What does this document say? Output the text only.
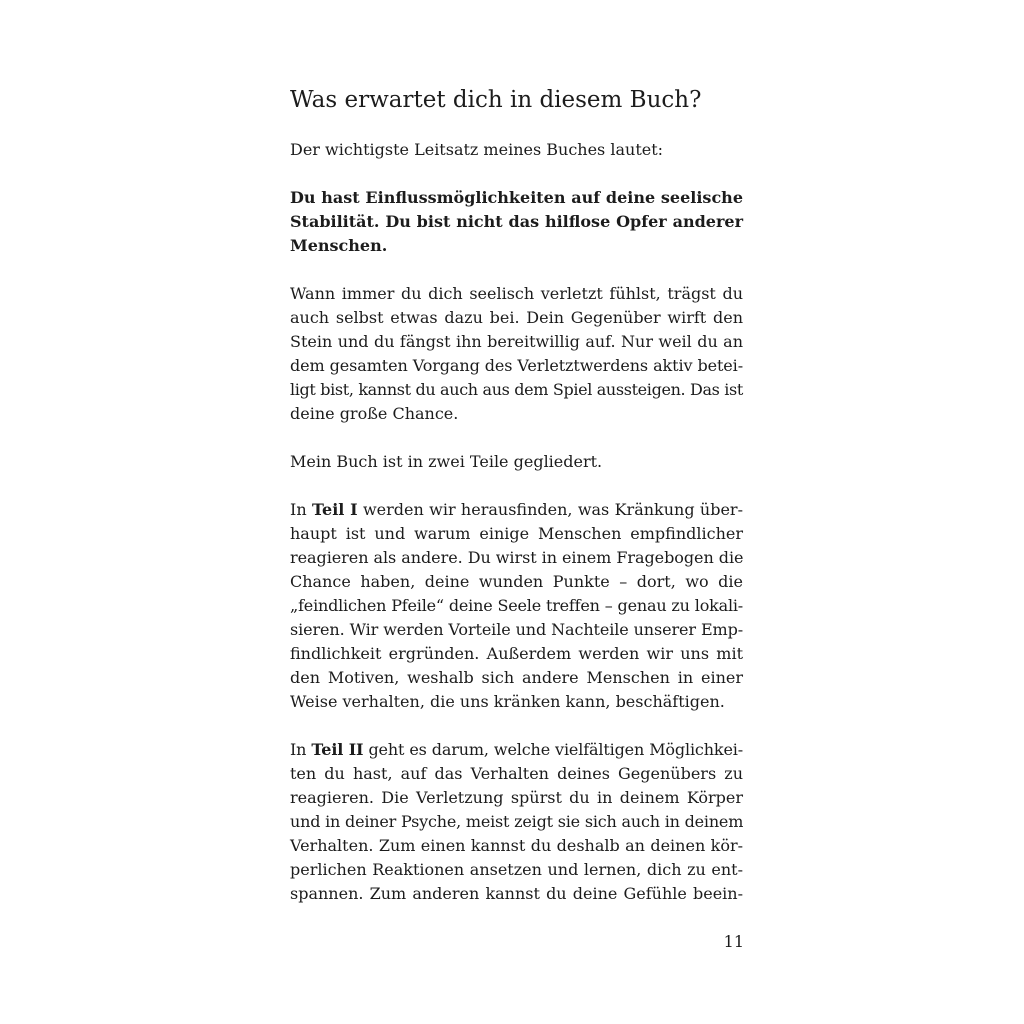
Was erwartet dich in diesem Buch?

Der wichtigste Leitsatz meines Buches lautet:

Du hast Einflussmöglichkeiten auf deine seelische
Stabilität. Du bist nicht das hilflose Opfer anderer
Menschen.

Wann immer du dich seelisch verletzt fühlst, trägst du
auch selbst etwas dazu bei. Dein Gegenüber wirft den
Stein und du fängst ihn bereitwillig auf. Nur weil du an
dem gesamten Vorgang des Verletztwerdens aktiv betei-
ligt bist, kannst du auch aus dem Spiel aussteigen. Das ist
deine große Chance.

Mein Buch ist in zwei Teile gegliedert.

In Teil I werden wir herausfinden, was Kränkung über-
haupt ist und warum einige Menschen empfindlicher
reagieren als andere. Du wirst in einem Fragebogen die
Chance haben, deine wunden Punkte – dort, wo die
„feindlichen Pfeile“ deine Seele treffen – genau zu lokali-
sieren. Wir werden Vorteile und Nachteile unserer Emp-
findlichkeit ergründen. Außerdem werden wir uns mit
den Motiven, weshalb sich andere Menschen in einer
Weise verhalten, die uns kränken kann, beschäftigen.

In Teil II geht es darum, welche vielfältigen Möglichkei-
ten du hast, auf das Verhalten deines Gegenübers zu
reagieren. Die Verletzung spürst du in deinem Körper
und in deiner Psyche, meist zeigt sie sich auch in deinem
Verhalten. Zum einen kannst du deshalb an deinen kör-
perlichen Reaktionen ansetzen und lernen, dich zu ent-
spannen. Zum anderen kannst du deine Gefühle beein-

11
